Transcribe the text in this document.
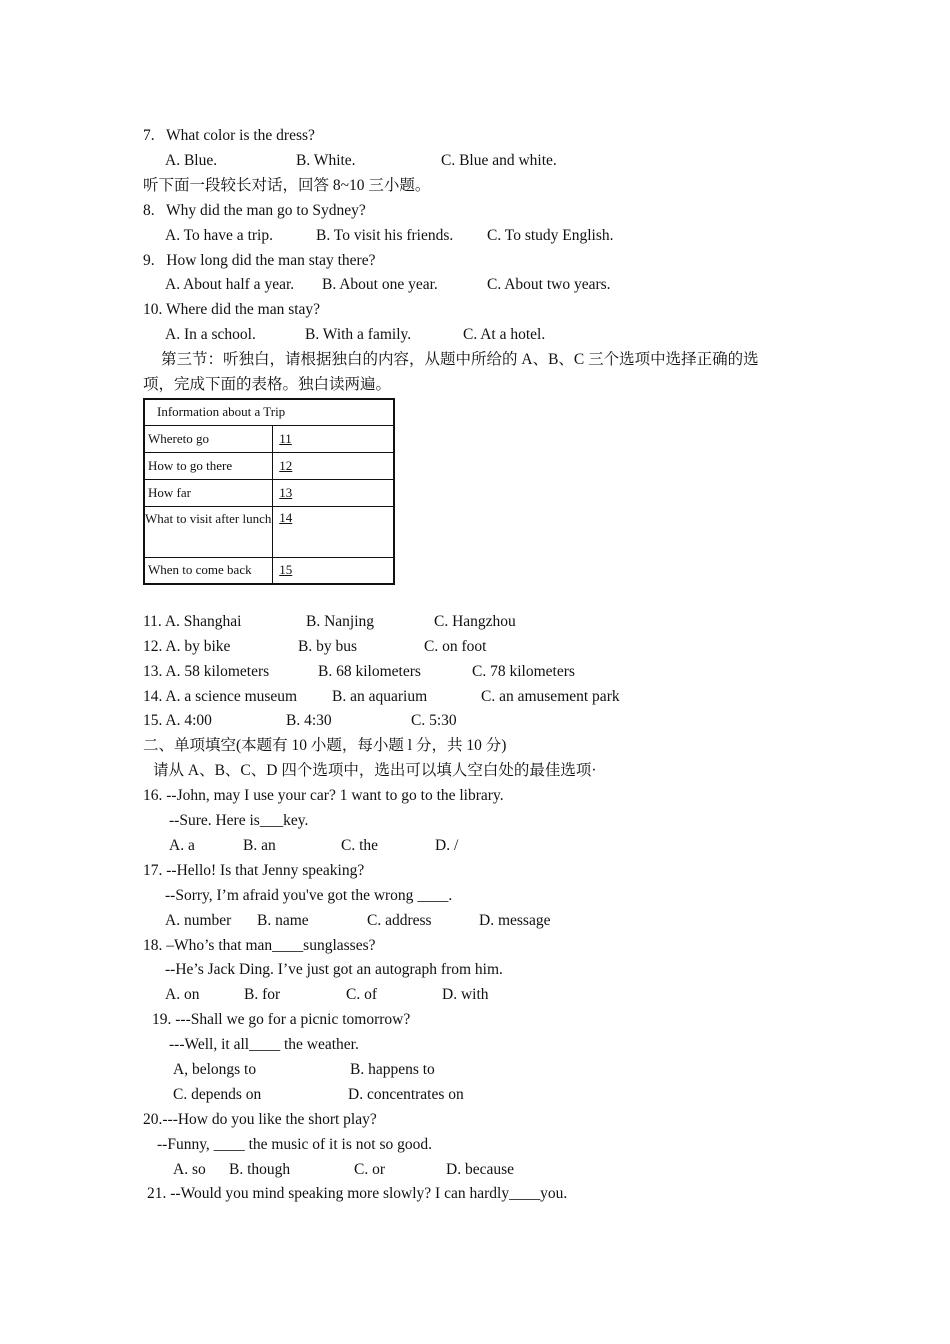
7.   What color is the dress?
A. Blue.	B. White.	C. Blue and white.
听下面一段较长对话，回答 8~10 三小题。
8.   Why did the man go to Sydney?
A. To have a trip.	B. To visit his friends. C. To study English.
9.   How long did the man stay there?
A. About half a year. B. About one year.	C. About two years.
10. Where did the man stay?
A. In a school.	B. With a family.	C. At a hotel.
第三节：听独白，请根据独白的内容，从题中所给的 A、B、C 三个选项中选择正确的选
项，完成下面的表格。独白读两遍。
Information about a Trip	
Whereto go	11
How to go there	12
How far	13
What to visit after lunch	14
When to come back	15
11. A. Shanghai	B. Nanjing	C. Hangzhou
12. A. by bike	B. by bus	C. on foot
13. A. 58 kilometers	B. 68 kilometers	C. 78 kilometers
14. A. a science museum B. an aquarium	C. an amusement park
15. A. 4:00	B. 4:30	C. 5:30
二、单项填空(本题有 10 小题，每小题 l 分，共 10 分)
请从 A、B、C、D 四个选项中，选出可以填人空白处的最佳选项·
16. --John, may I use your car? 1 want to go to the library.
--Sure. Here is___key.
A. a	B. an	C. the	D. /
17. --Hello! Is that Jenny speaking?
--Sorry, I’m afraid you've got the wrong ____.
A. number B. name	C. address	D. message
18. –Who’s that man____sunglasses?
--He’s Jack Ding. I’ve just got an autograph from him.
A. on	B. for	C. of	D. with
19. ---Shall we go for a picnic tomorrow?
---Well, it all____ the weather.
A, belongs to	B. happens to
C. depends on	D. concentrates on
20.---How do you like the short play?
--Funny, ____ the music of it is not so good.
A. so B. though	C. or	D. because
21. --Would you mind speaking more slowly? I can hardly____you.
